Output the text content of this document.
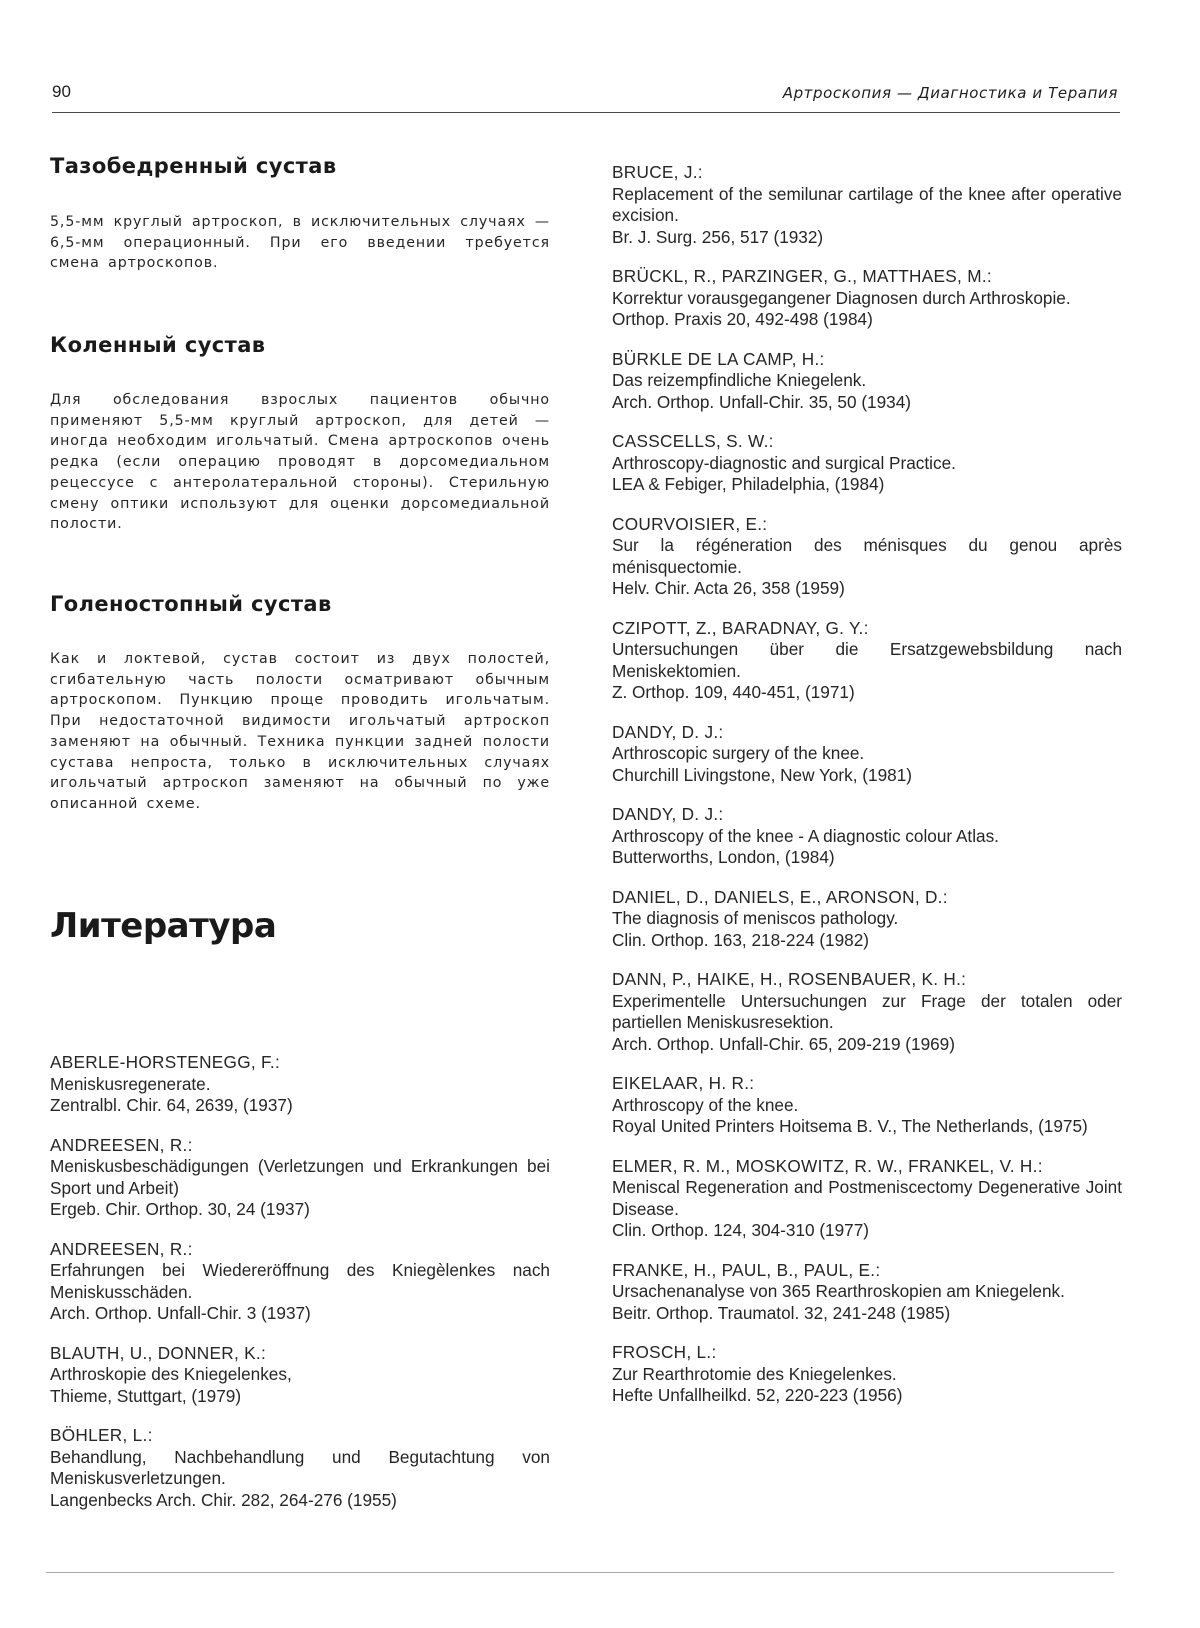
90	Артроскопия — Диагностика и Терапия
Тазобедренный сустав

5,5-мм круглый артроскоп, в исключительных случаях — 6,5-мм операционный. При его введении требуется смена артроскопов.

Коленный сустав

Для обследования взрослых пациентов обычно применяют 5,5-мм круглый артроскоп, для детей — иногда необходим игольчатый. Смена артроскопов очень редка (если операцию проводят в дорсомедиальном рецессусе с антеролатеральной стороны). Стерильную смену оптики используют для оценки дорсомедиальной полости.

Голеностопный сустав

Как и локтевой, сустав состоит из двух полостей, сгибательную часть полости осматривают обычным артроскопом. Пункцию проще проводить игольчатым. При недостаточной видимости игольчатый артроскоп заменяют на обычный. Техника пункции задней полости сустава непроста, только в исключительных случаях игольчатый артроскоп заменяют на обычный по уже описанной схеме.

Литература
ABERLE-HORSTENEGG, F.:
Meniskusregenerate.
Zentralbl. Chir. 64, 2639, (1937)
ANDREESEN, R.:
Meniskusbeschädigungen (Verletzungen und Erkrankungen bei Sport und Arbeit)
Ergeb. Chir. Orthop. 30, 24 (1937)
ANDREESEN, R.:
Erfahrungen bei Wiedereröffnung des Kniegèlenkes nach Meniskusschäden.
Arch. Orthop. Unfall-Chir. 3 (1937)
BLAUTH, U., DONNER, K.:
Arthroskopie des Kniegelenkes,
Thieme, Stuttgart, (1979)
BÖHLER, L.:
Behandlung, Nachbehandlung und Begutachtung von Meniskusverletzungen.
Langenbecks Arch. Chir. 282, 264-276 (1955)
BRUCE, J.:
Replacement of the semilunar cartilage of the knee after operative excision.
Br. J. Surg. 256, 517 (1932)
BRÜCKL, R., PARZINGER, G., MATTHAES, M.:
Korrektur vorausgegangener Diagnosen durch Arthroskopie.
Orthop. Praxis 20, 492-498 (1984)
BÜRKLE DE LA CAMP, H.:
Das reizempfindliche Kniegelenk.
Arch. Orthop. Unfall-Chir. 35, 50 (1934)
CASSCELLS, S. W.:
Arthroscopy-diagnostic and surgical Practice.
LEA & Febiger, Philadelphia, (1984)
COURVOISIER, E.:
Sur la régéneration des ménisques du genou après ménisquectomie.
Helv. Chir. Acta 26, 358 (1959)
CZIPOTT, Z., BARADNAY, G. Y.:
Untersuchungen über die Ersatzgewebsbildung nach Meniskektomien.
Z. Orthop. 109, 440-451, (1971)
DANDY, D. J.:
Arthroscopic surgery of the knee.
Churchill Livingstone, New York, (1981)
DANDY, D. J.:
Arthroscopy of the knee - A diagnostic colour Atlas.
Butterworths, London, (1984)
DANIEL, D., DANIELS, E., ARONSON, D.:
The diagnosis of meniscos pathology.
Clin. Orthop. 163, 218-224 (1982)
DANN, P., HAIKE, H., ROSENBAUER, K. H.:
Experimentelle Untersuchungen zur Frage der totalen oder partiellen Meniskusresektion.
Arch. Orthop. Unfall-Chir. 65, 209-219 (1969)
EIKELAAR, H. R.:
Arthroscopy of the knee.
Royal United Printers Hoitsema B. V., The Netherlands, (1975)
ELMER, R. M., MOSKOWITZ, R. W., FRANKEL, V. H.:
Meniscal Regeneration and Postmeniscectomy Degenerative Joint Disease.
Clin. Orthop. 124, 304-310 (1977)
FRANKE, H., PAUL, B., PAUL, E.:
Ursachenanalyse von 365 Rearthroskopien am Kniegelenk.
Beitr. Orthop. Traumatol. 32, 241-248 (1985)
FROSCH, L.:
Zur Rearthrotomie des Kniegelenkes.
Hefte Unfallheilkd. 52, 220-223 (1956)
